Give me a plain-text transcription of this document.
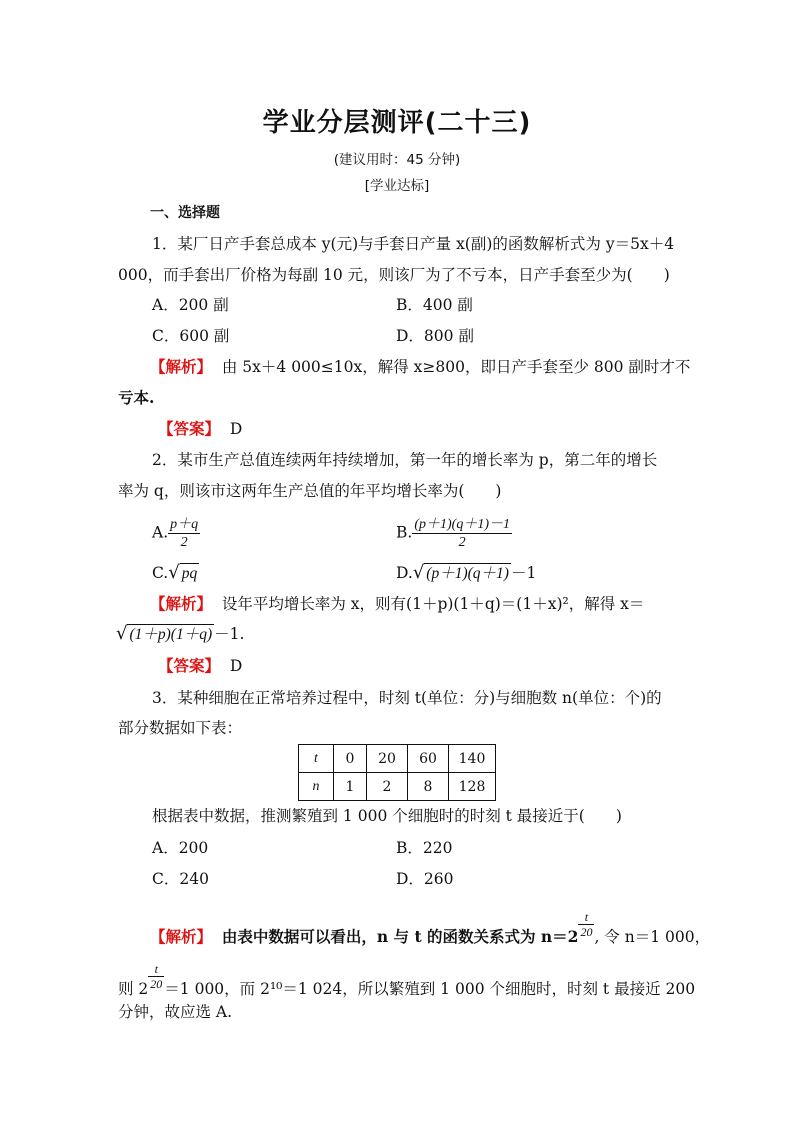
学业分层测评(二十三)
(建议用时：45 分钟)
[学业达标]
一、选择题
1．某厂日产手套总成本 y(元)与手套日产量 x(副)的函数解析式为 y＝5x＋4
000，而手套出厂价格为每副 10 元，则该厂为了不亏本，日产手套至少为(　　)
A．200 副	B．400 副
C．600 副	D．800 副
【解析】 由 5x＋4 000≤10x，解得 x≥800，即日产手套至少 800 副时才不
亏本.
【答案】 D
2．某市生产总值连续两年持续增加，第一年的增长率为 p，第二年的增长
率为 q，则该市这两年生产总值的年平均增长率为(　　)
A. $\frac{p+q}{2}$	B. $\frac{(p+1)(q+1)-1}{2}$
C.√ pq	D.√ (p＋1)(q＋1) －1
【解析】 设年平均增长率为 x，则有(1＋p)(1＋q)＝(1＋x)²，解得 x＝
√ (1＋p)(1＋q) －1.
【答案】 D
3．某种细胞在正常培养过程中，时刻 t(单位：分)与细胞数 n(单位：个)的
部分数据如下表：
t	0	20	60	140
n	1	2	8	128
根据表中数据，推测繁殖到 1 000 个细胞时的时刻 t 最接近于(　　)
A．200	B．220
C．240	D．260
【解析】 由表中数据可以看出，n 与 t 的函数关系式为 $n=2 \frac{t}{20}$ , 令 n＝1 000，
则 $2 \frac{t}{20} =1$ 000，而 2¹⁰＝1 024，所以繁殖到 1 000 个细胞时，时刻 t 最接近 200
分钟，故应选 A.
